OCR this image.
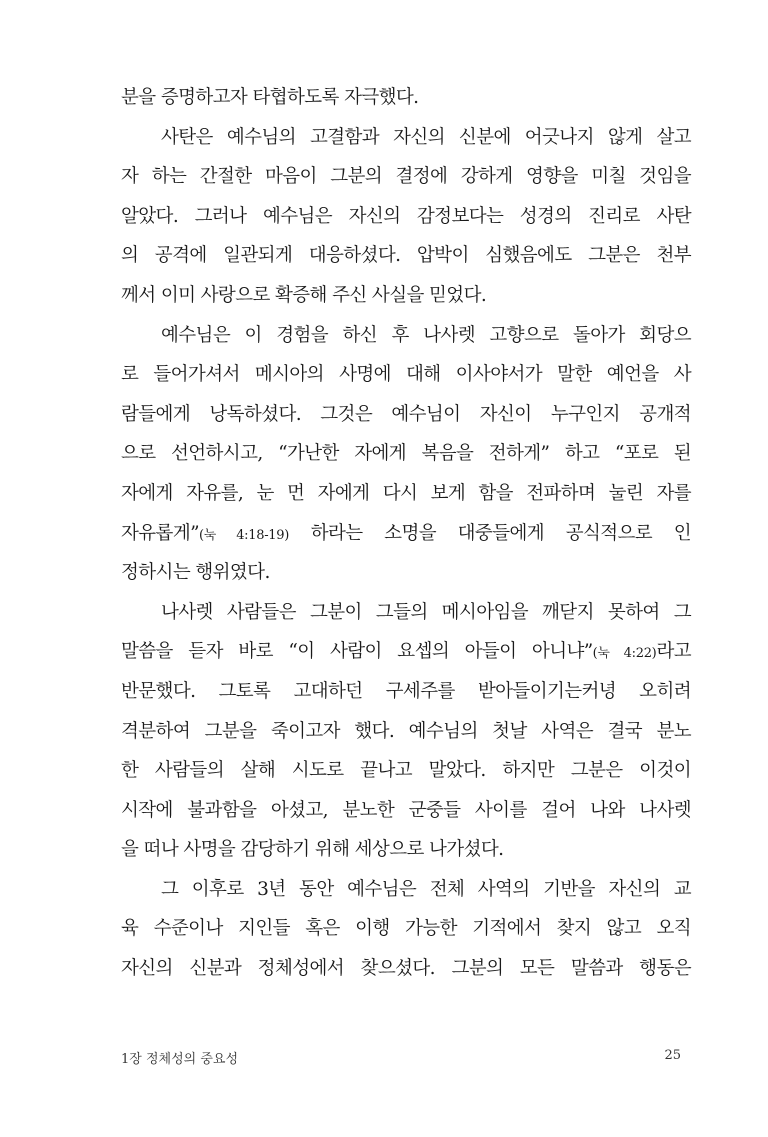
분을 증명하고자 타협하도록 자극했다.
사탄은 예수님의 고결함과 자신의 신분에 어긋나지 않게 살고
자 하는 간절한 마음이 그분의 결정에 강하게 영향을 미칠 것임을
알았다. 그러나 예수님은 자신의 감정보다는 성경의 진리로 사탄
의 공격에 일관되게 대응하셨다. 압박이 심했음에도 그분은 천부
께서 이미 사랑으로 확증해 주신 사실을 믿었다.
예수님은 이 경험을 하신 후 나사렛 고향으로 돌아가 회당으
로 들어가셔서 메시아의 사명에 대해 이사야서가 말한 예언을 사
람들에게 낭독하셨다. 그것은 예수님이 자신이 누구인지 공개적
으로 선언하시고, “가난한 자에게 복음을 전하게” 하고 “포로 된
자에게 자유를, 눈 먼 자에게 다시 보게 함을 전파하며 눌린 자를
자유롭게”(눅 4:18-19) 하라는 소명을 대중들에게 공식적으로 인
정하시는 행위였다.
나사렛 사람들은 그분이 그들의 메시아임을 깨닫지 못하여 그
말씀을 듣자 바로 “이 사람이 요셉의 아들이 아니냐”(눅 4:22)라고
반문했다. 그토록 고대하던 구세주를 받아들이기는커녕 오히려
격분하여 그분을 죽이고자 했다. 예수님의 첫날 사역은 결국 분노
한 사람들의 살해 시도로 끝나고 말았다. 하지만 그분은 이것이
시작에 불과함을 아셨고, 분노한 군중들 사이를 걸어 나와 나사렛
을 떠나 사명을 감당하기 위해 세상으로 나가셨다.
그 이후로 3년 동안 예수님은 전체 사역의 기반을 자신의 교
육 수준이나 지인들 혹은 이행 가능한 기적에서 찾지 않고 오직
자신의 신분과 정체성에서 찾으셨다. 그분의 모든 말씀과 행동은
1장 정체성의 중요성	25
